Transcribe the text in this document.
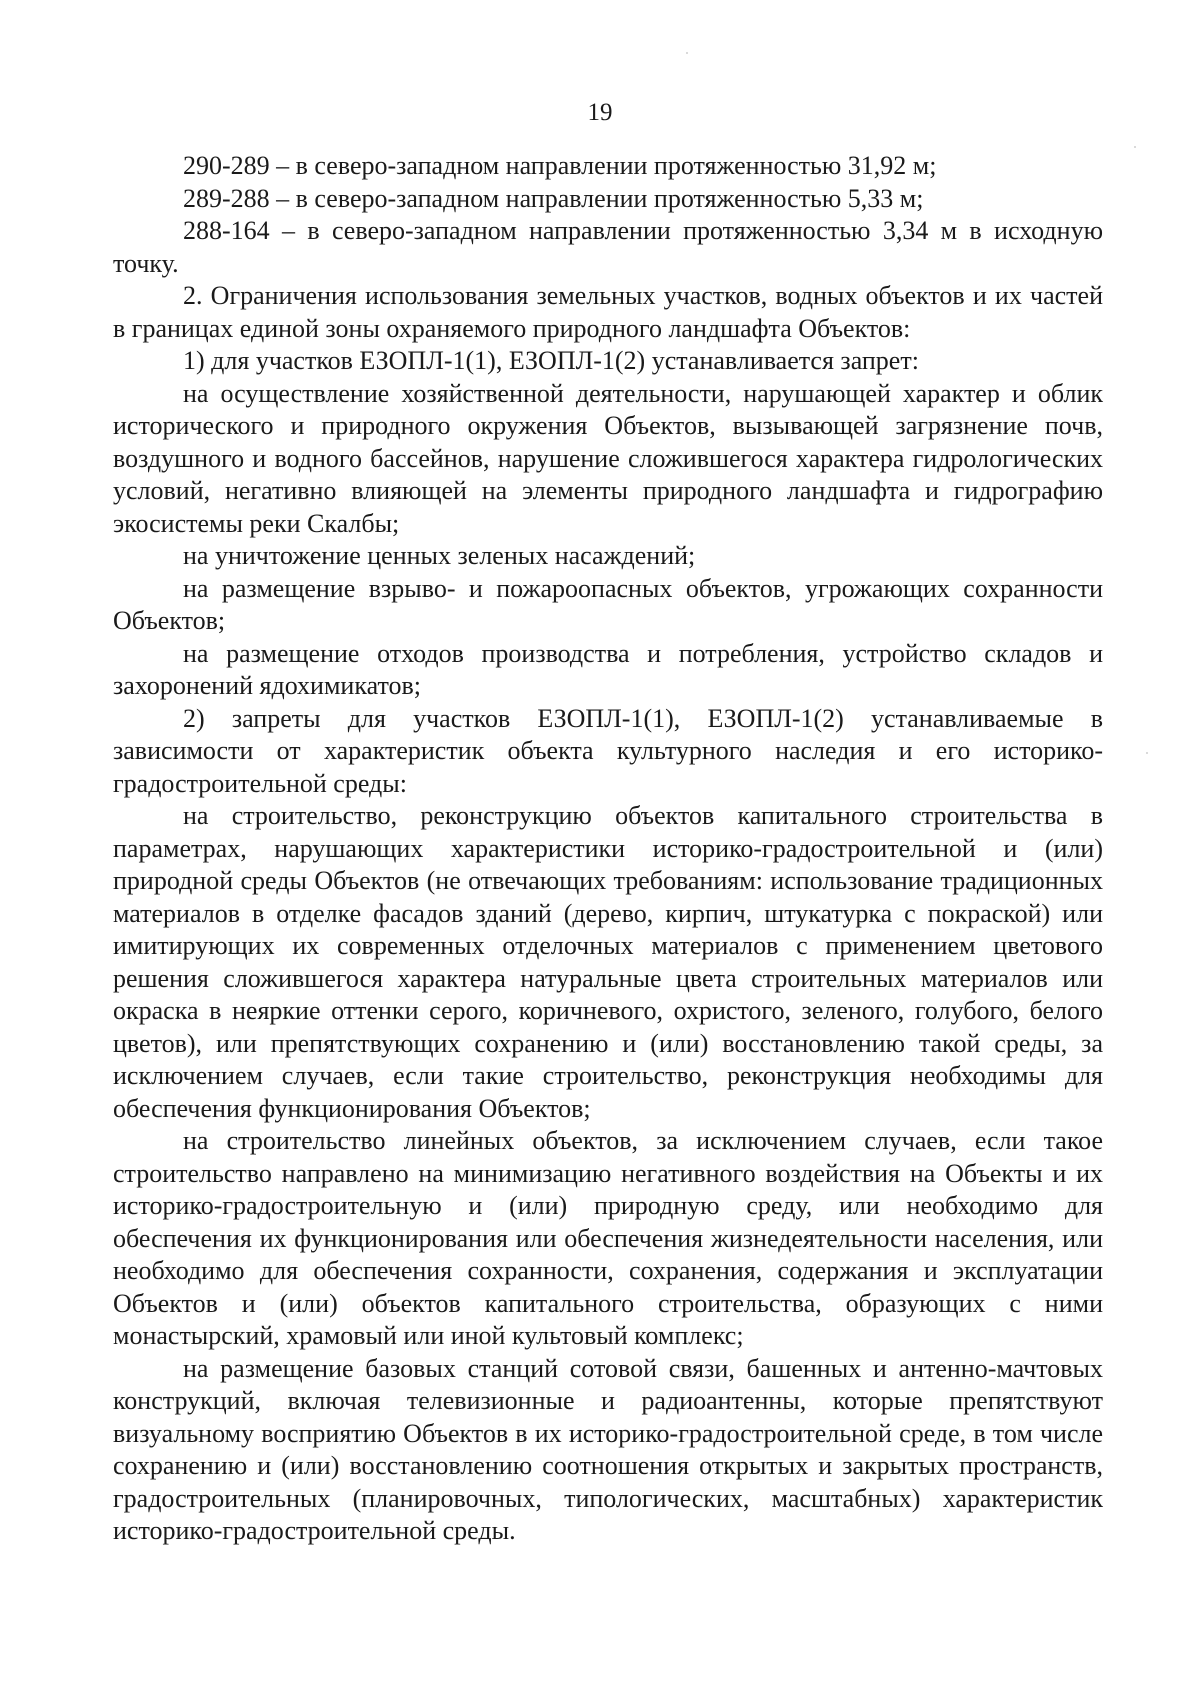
19

290-289 – в северо-западном направлении протяженностью 31,92 м;

289-288 – в северо-западном направлении протяженностью 5,33 м;

288-164 – в северо-западном направлении протяженностью 3,34 м в исходную точку.

2. Ограничения использования земельных участков, водных объектов и их частей в границах единой зоны охраняемого природного ландшафта Объектов:

1) для участков ЕЗОПЛ-1(1), ЕЗОПЛ-1(2) устанавливается запрет:

на осуществление хозяйственной деятельности, нарушающей характер и облик исторического и природного окружения Объектов, вызывающей загрязнение почв, воздушного и водного бассейнов, нарушение сложившегося характера гидрологических условий, негативно влияющей на элементы природного ландшафта и гидрографию экосистемы реки Скалбы;

на уничтожение ценных зеленых насаждений;

на размещение взрыво- и пожароопасных объектов, угрожающих сохранности Объектов;

на размещение отходов производства и потребления, устройство складов и захоронений ядохимикатов;

2) запреты для участков ЕЗОПЛ-1(1), ЕЗОПЛ-1(2) устанавливаемые в зависимости от характеристик объекта культурного наследия и его историко-градостроительной среды:

на строительство, реконструкцию объектов капитального строительства в параметрах, нарушающих характеристики историко-градостроительной и (или) природной среды Объектов (не отвечающих требованиям: использование традиционных материалов в отделке фасадов зданий (дерево, кирпич, штукатурка с покраской) или имитирующих их современных отделочных материалов с применением цветового решения сложившегося характера натуральные цвета строительных материалов или окраска в неяркие оттенки серого, коричневого, охристого, зеленого, голубого, белого цветов), или препятствующих сохранению и (или) восстановлению такой среды, за исключением случаев, если такие строительство, реконструкция необходимы для обеспечения функционирования Объектов;

на строительство линейных объектов, за исключением случаев, если такое строительство направлено на минимизацию негативного воздействия на Объекты и их историко-градостроительную и (или) природную среду, или необходимо для обеспечения их функционирования или обеспечения жизнедеятельности населения, или необходимо для обеспечения сохранности, сохранения, содержания и эксплуатации Объектов и (или) объектов капитального строительства, образующих с ними монастырский, храмовый или иной культовый комплекс;

на размещение базовых станций сотовой связи, башенных и антенно-мачтовых конструкций, включая телевизионные и радиоантенны, которые препятствуют визуальному восприятию Объектов в их историко-градостроительной среде, в том числе сохранению и (или) восстановлению соотношения открытых и закрытых пространств, градостроительных (планировочных, типологических, масштабных) характеристик историко-градостроительной среды.
